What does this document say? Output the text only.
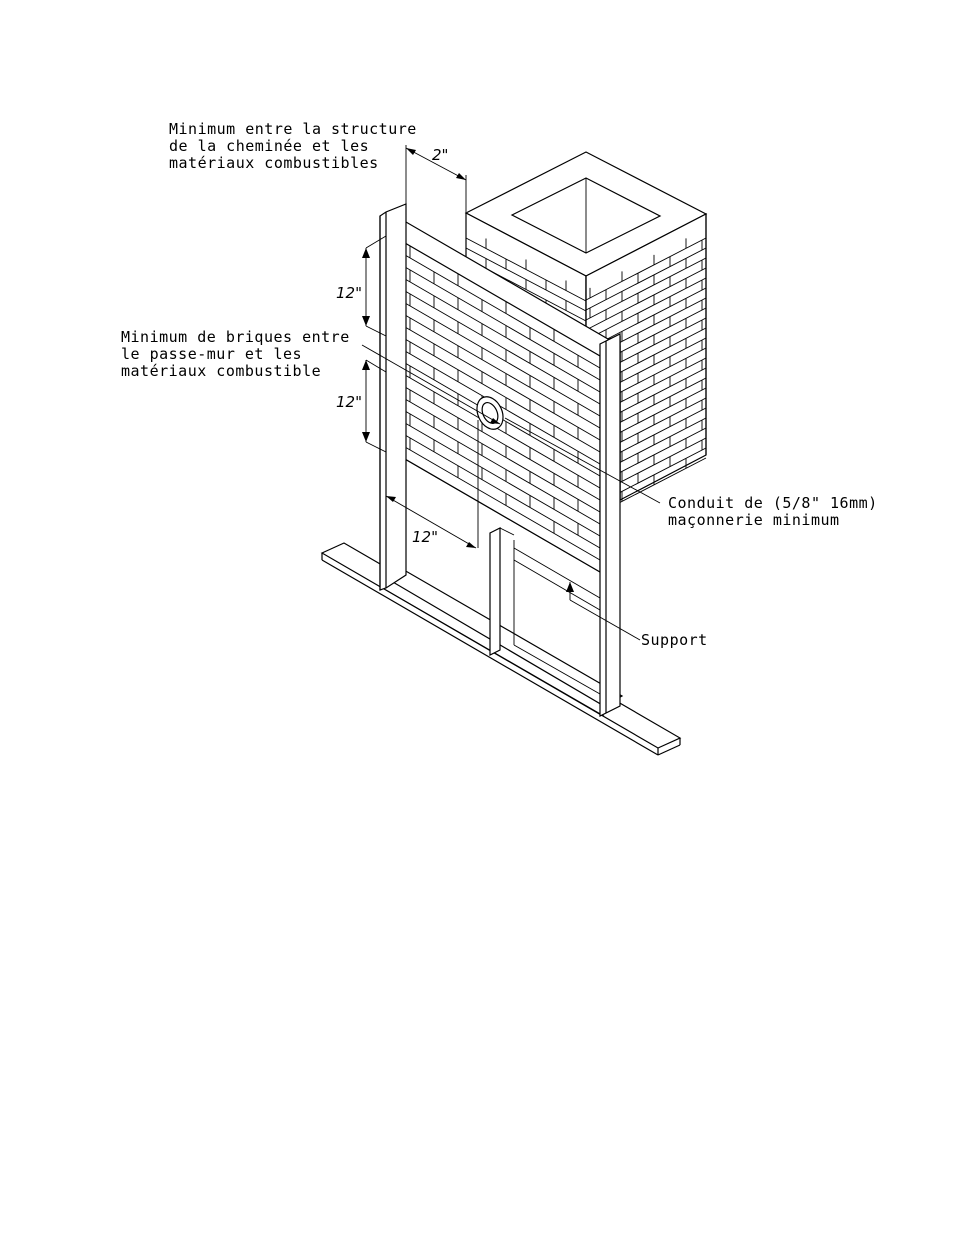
2"
12"
12"
12"
Minimum entre la structure
de la cheminée et les
matériaux combustibles
Minimum de briques entre
le passe-mur et les
matériaux combustible
Conduit de (5/8" 16mm)
maçonnerie minimum
Support
